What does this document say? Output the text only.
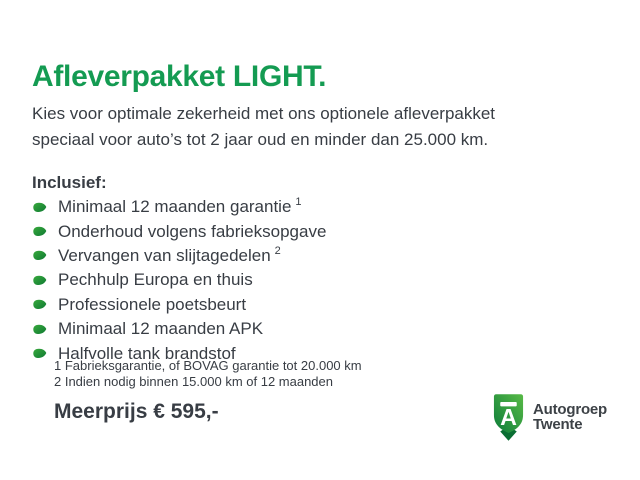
Afleverpakket LIGHT.
Kies voor optimale zekerheid met ons optionele afleverpakket
speciaal voor auto’s tot 2 jaar oud en minder dan 25.000 km.
Inclusief:
Minimaal 12 maanden garantie $^1$
Onderhoud volgens fabrieksopgave
Vervangen van slijtagedelen $^2$
Pechhulp Europa en thuis
Professionele poetsbeurt
Minimaal 12 maanden APK
Halfvolle tank brandstof
1 Fabrieksgarantie, of BOVAG garantie tot 20.000 km
2 Indien nodig binnen 15.000 km of 12 maanden
Meerprijs € 595,-	A Autogroep
Twente
